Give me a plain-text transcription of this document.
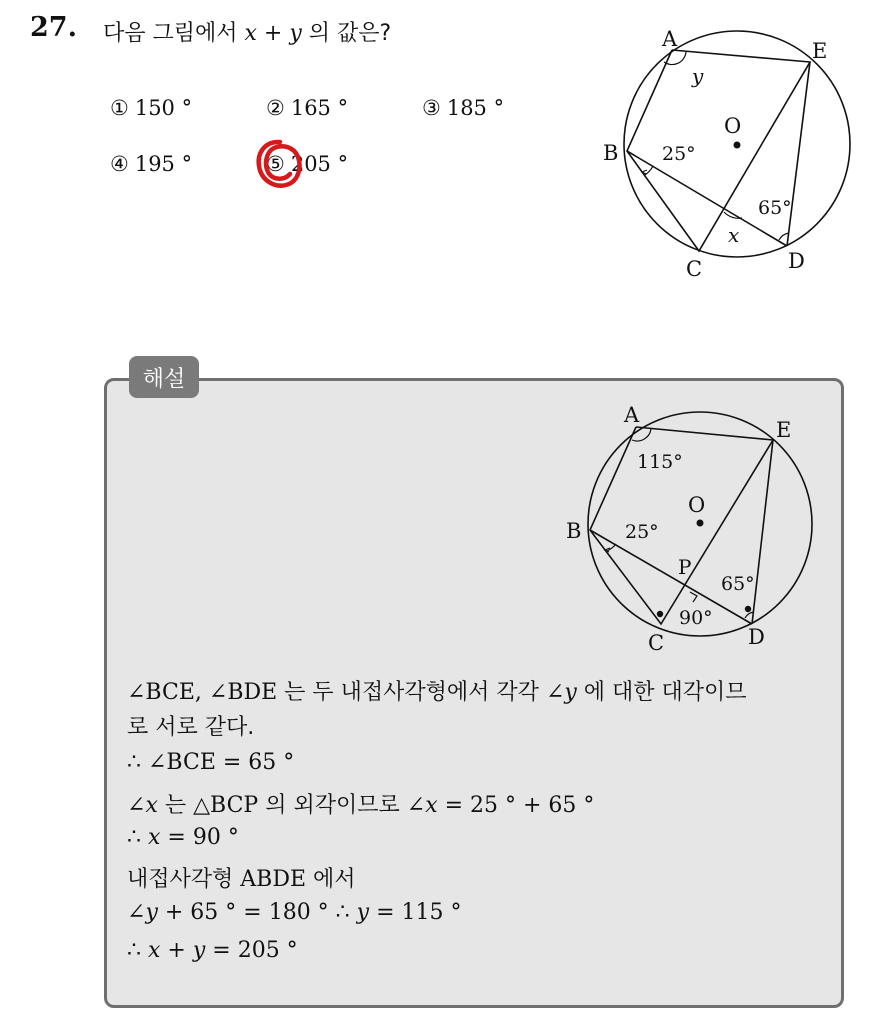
27. 다음 그림에서 x + y 의 값은?
① 150 °	② 165 °	③ 185 °
④ 195 °	⑤ 205 °
A	E
O
B
C	D
y
25°
65°
x
해설
A
E
O
B
P
C	D
115°
25°
65°
90°
∠BCE, ∠BDE 는 두 내접사각형에서 각각 ∠y 에 대한 대각이므
로 서로 같다.
∴ ∠BCE = 65 °
∠x 는 △BCP 의 외각이므로 ∠x = 25 ° + 65 °
∴ x = 90 °
내접사각형 ABDE 에서
∠y + 65 ° = 180 ° ∴ y = 115 °
∴ x + y = 205 °
